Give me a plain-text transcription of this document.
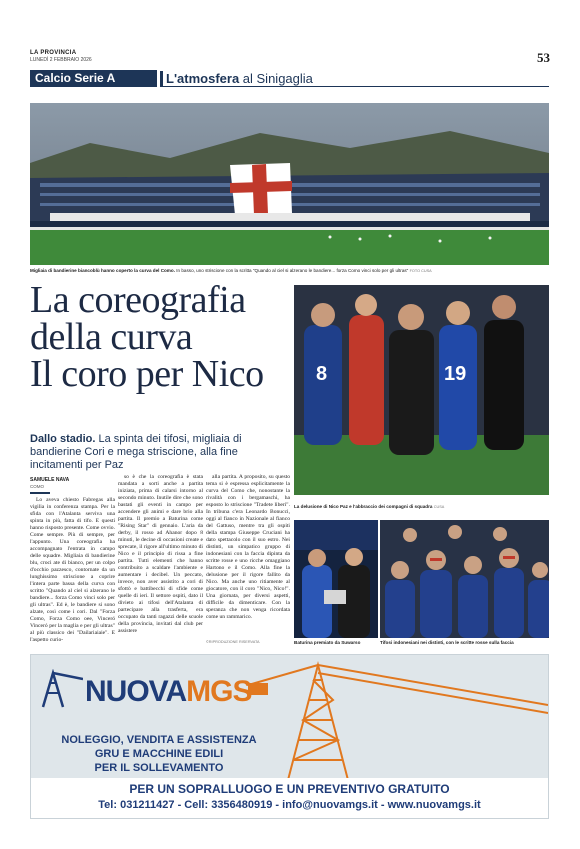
LA PROVINCIA
LUNEDÌ 2 FEBBRAIO 2026	53
Calcio Serie A	L'atmosfera al Sinigaglia
Migliaia di bandierine biancoblù hanno coperto la curva del Como. In basso, uno striscione con la scritta "Quando al ciel si alzerano le bandiere... forza Como vinci solo per gli ultras" FOTO CUSA
La coreografia
della curva
Il coro per Nico
Dallo stadio. La spinta dei tifosi, migliaia di bandierine Cori e mega striscione, alla fine incitamenti per Paz
SAMUELE NAVA
COMO

Lo aveva chiesto Fabregas alla vigilia in conferenza stampa. Per la sfida con l'Atalanta serviva una spinta in più, fatta di tifo. E questi hanno risposto presente. Come ovvio. Come sempre. Più di sempre, per l'appunto. Una coreografia ha accompagnato l'entrata in campo delle squadre. Migliaia di bandierine blu, croci ate di bianco, per un colpo d'occhio pazzesco, contornate da un lunghissimo striscione a coprire l'intera parte bassa della curva con scritto "Quando al ciel si alzerano le bandiere... forza Como vinci solo per gli ultras". Ed è, le bandiere si sono alzate, così come i cori. Dal "Forza Como, Forza Como oee, Vinceró Vinceró per la maglia e per gli ultras" al più classico dei "Dailariaiaie". E l'aspetto curio-

so è che la coreografia è stata mandata a sorti anche a partita iniziata, prima di calarsi intorno al secondo minuto. Inutile dire che sono bastati gli eventi in campo per accendere gli animi e dare brio alla partita. Il premio a Baturina come "Rising Star" di gennaio. L'aria da derby, il rosso ad Ahanor dopo 8 minuti, le decine di occasioni create e sprecate, il rigore all'ultimo minuto di Nico e il principio di rissa a fine partita. Tutti elementi che hanno contribuito a scaldare l'ambiente e aumentare i decibel. Un peccato, invece, non aver assistito a cori di sfottò e battibecchi di sfide come quelle di ieri. Il settore ospiti, dato il divieto ai tifosi dell'Atalanta di partecipare alla trasferta, era occupato da tanti ragazzi delle scuole della provincia, invitati dal club per assistere

alla partita. A proposito, su questo tema si è espressa esplicitamente la curva del Como che, nonostante la rivalità con i bergamaschi, ha esposto lo striscione "Tradete liberi". In tribuna c'era Leonardo Bonucci, oggi al fianco in Nazionale al fianco del Gattuso, mentre tra gli ospiti della stampa Giuseppe Cruciani ha dato spettacolo con il suo estro. Nei distinti, un simpatico gruppo di indonesiani con la faccia dipinta da scritte rosse e uno ricche omaggiano Hartono e il Como. Alla fine la delusione per il rigore fallito da Nico. Ma anche uno ritiamente al giocatore, con il coro "Nico, Nico!". Una giornata, per diversi aspetti, difficile da dimenticare. Con la speranza che non venga ricordata come un rammarico.

8	19
La delusione di Nico Paz e l'abbraccio dei compagni di squadra CUSA
Baturina premiato da Suwarso	Tifosi indonesiani nei distinti, con le scritte rosse sulla faccia
©RIPRODUZIONE RISERVATA
NUOVAMGS
NOLEGGIO, VENDITA E ASSISTENZA
GRU E MACCHINE EDILI
PER IL SOLLEVAMENTO
PER UN SOPRALLUOGO E UN PREVENTIVO GRATUITO
Tel: 031211427 - Cell: 3356480919 - info@nuovamgs.it - www.nuovamgs.it
